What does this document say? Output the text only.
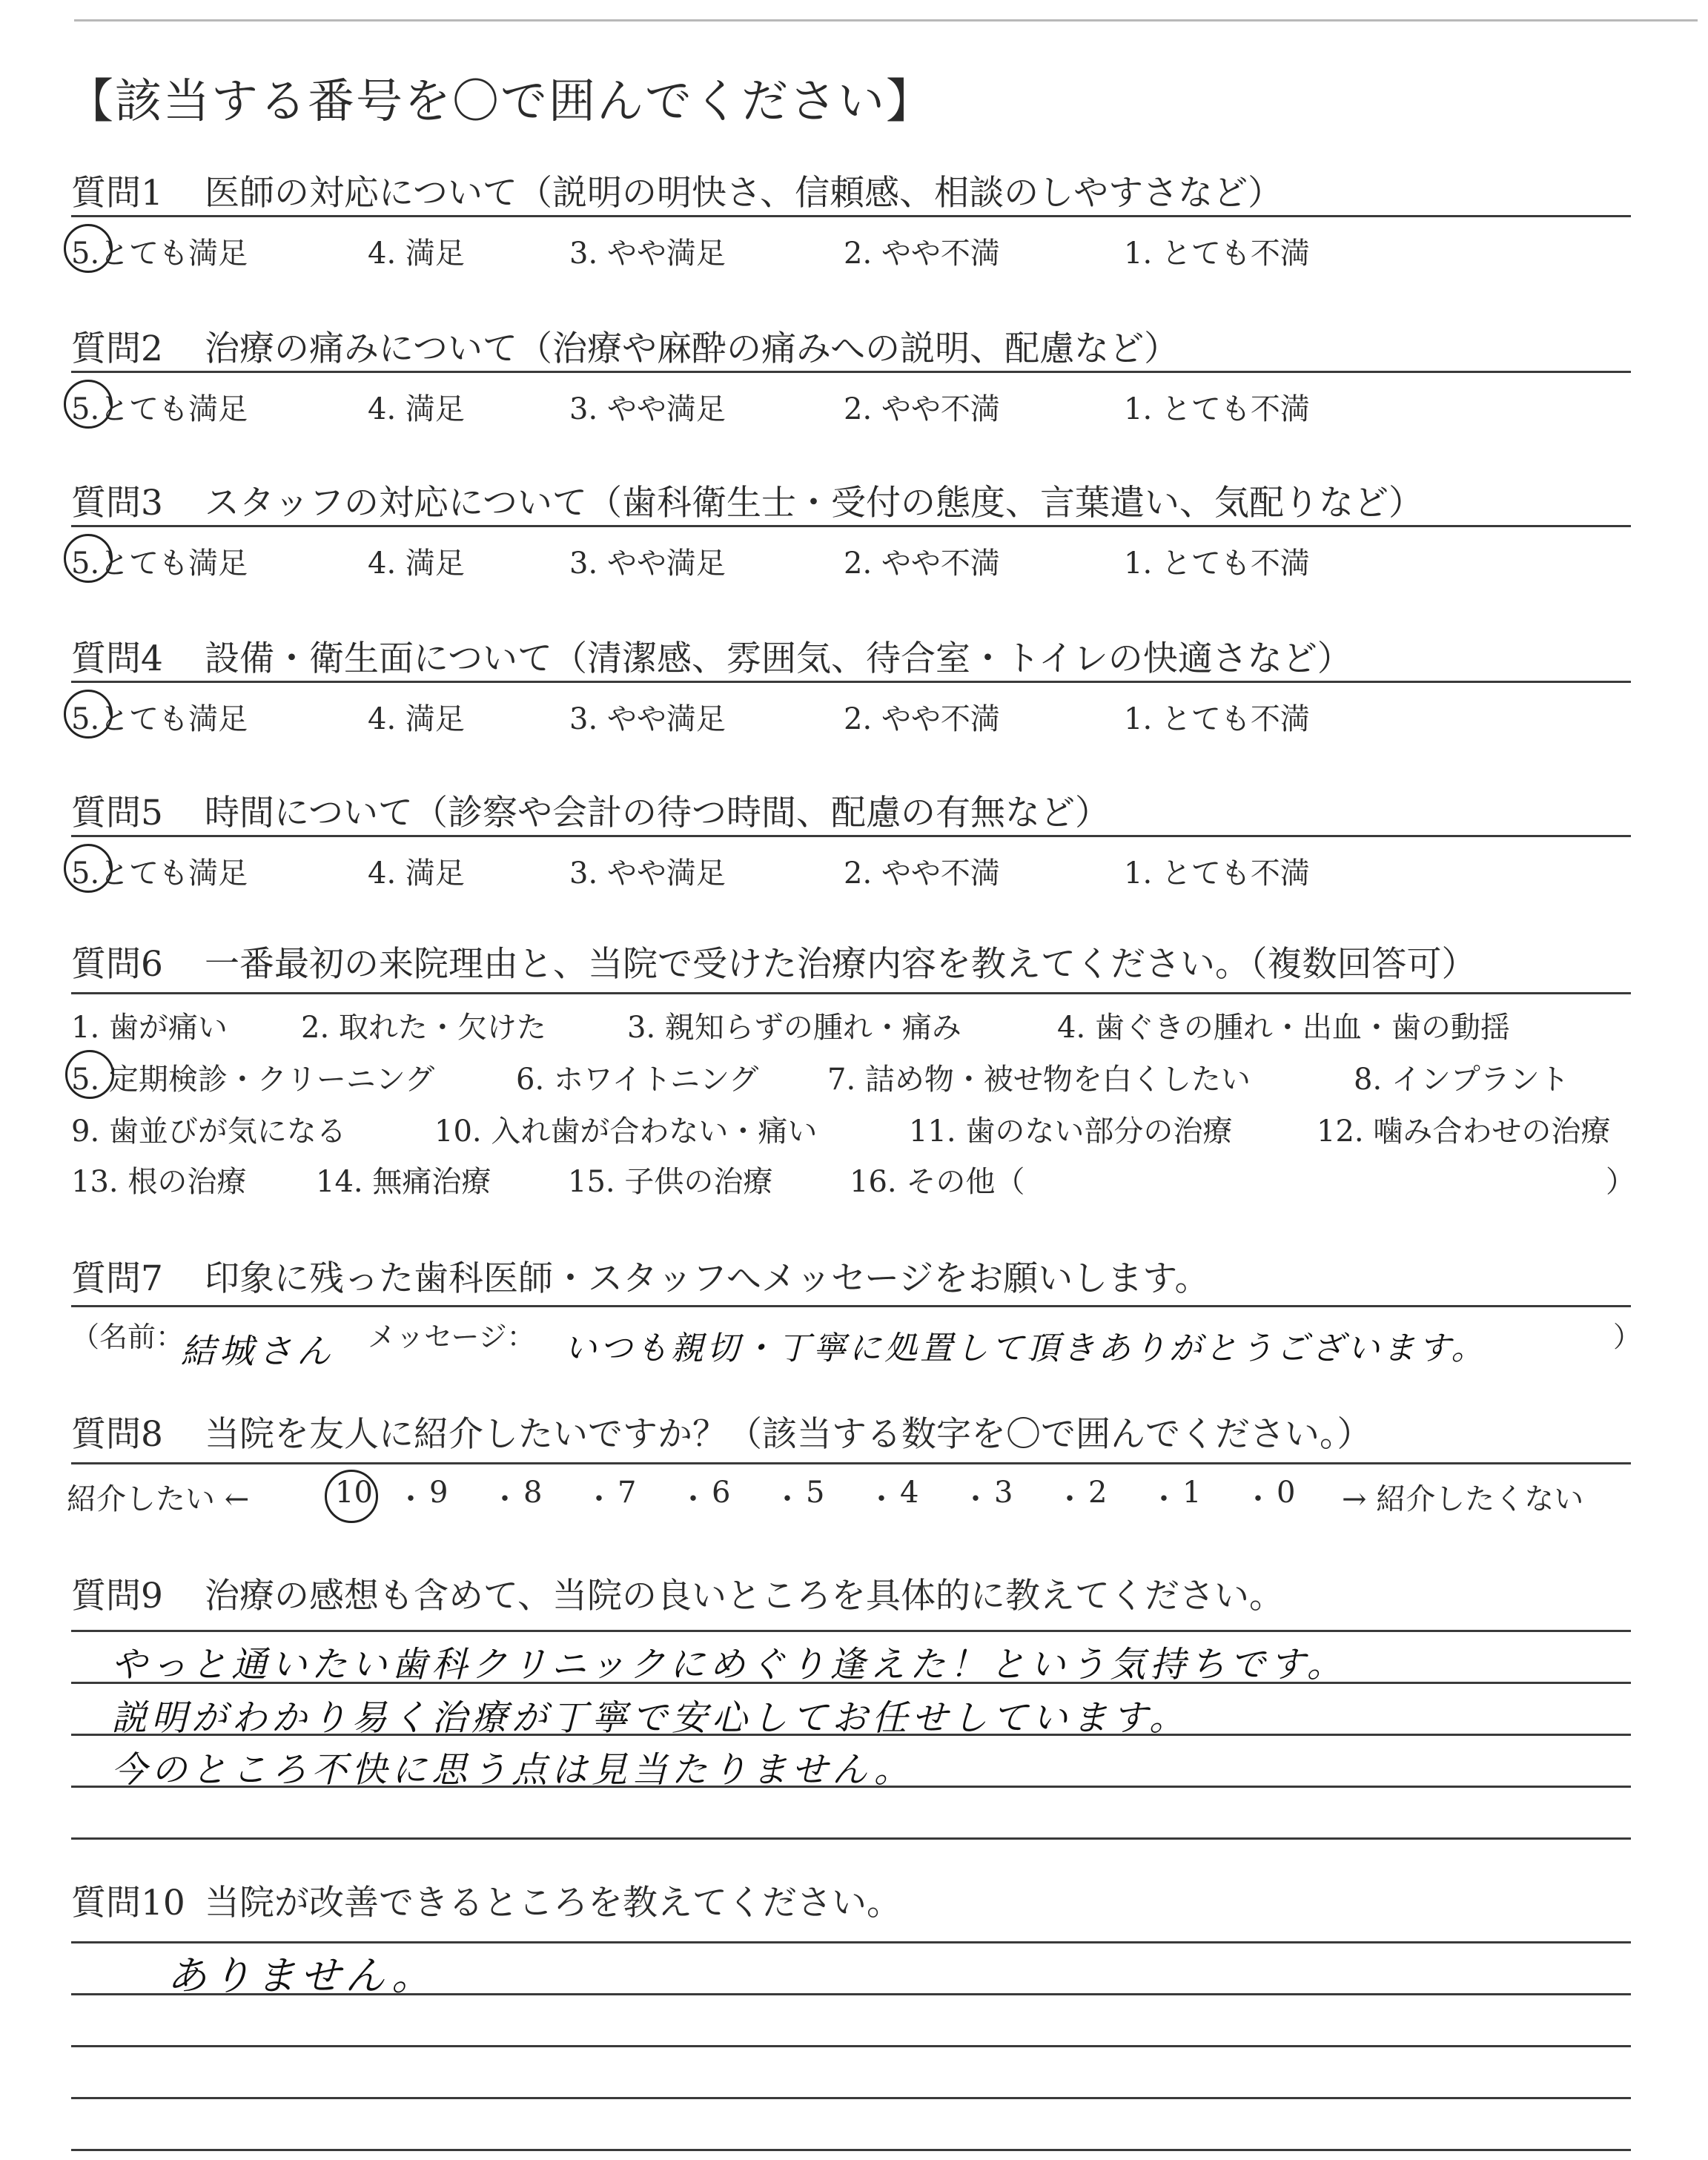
【該当する番号を〇で囲んでください】
質問1 医師の対応について（説明の明快さ、信頼感、相談のしやすさなど）
5.とても満足	4. 満足	3. やや満足	2. やや不満	1. とても不満
質問2 治療の痛みについて（治療や麻酔の痛みへの説明、配慮など）
5.とても満足	4. 満足	3. やや満足	2. やや不満	1. とても不満
質問3 スタッフの対応について（歯科衛生士・受付の態度、言葉遣い、気配りなど）
5.とても満足	4. 満足	3. やや満足	2. やや不満	1. とても不満
質問4 設備・衛生面について（清潔感、雰囲気、待合室・トイレの快適さなど）
5.とても満足	4. 満足	3. やや満足	2. やや不満	1. とても不満
質問5 時間について（診察や会計の待つ時間、配慮の有無など）
5.とても満足	4. 満足	3. やや満足	2. やや不満	1. とても不満
質問6 一番最初の来院理由と、当院で受けた治療内容を教えてください。（複数回答可）
1. 歯が痛い 2. 取れた・欠けた	3. 親知らずの腫れ・痛み	4. 歯ぐきの腫れ・出血・歯の動揺
5. 定期検診・クリーニング	6. ホワイトニング 7. 詰め物・被せ物を白くしたい	8. インプラント
9. 歯並びが気になる	10. 入れ歯が合わない・痛い	11. 歯のない部分の治療	12. 噛み合わせの治療
13. 根の治療 14. 無痛治療	15. 子供の治療	16. その他（	）
質問7 印象に残った歯科医師・スタッフへメッセージをお願いします。
（名前：
結城さん メッセージ： いつも親切・丁寧に処置して頂きありがとうございます。	）
質問8 当院を友人に紹介したいですか？（該当する数字を〇で囲んでください。）
紹介したい ←	→ 紹介したくない
10 ・ 9 ・ 8 ・ 7 ・ 6 ・ 5 ・ 4 ・ 3 ・ 2 ・ 1 ・ 0
質問9 治療の感想も含めて、当院の良いところを具体的に教えてください。
やっと通いたい歯科クリニックにめぐり逢えた！という気持ちです。
説明がわかり易く治療が丁寧で安心してお任せしています。
今のところ不快に思う点は見当たりません。
質問10 当院が改善できるところを教えてください。
ありません。
